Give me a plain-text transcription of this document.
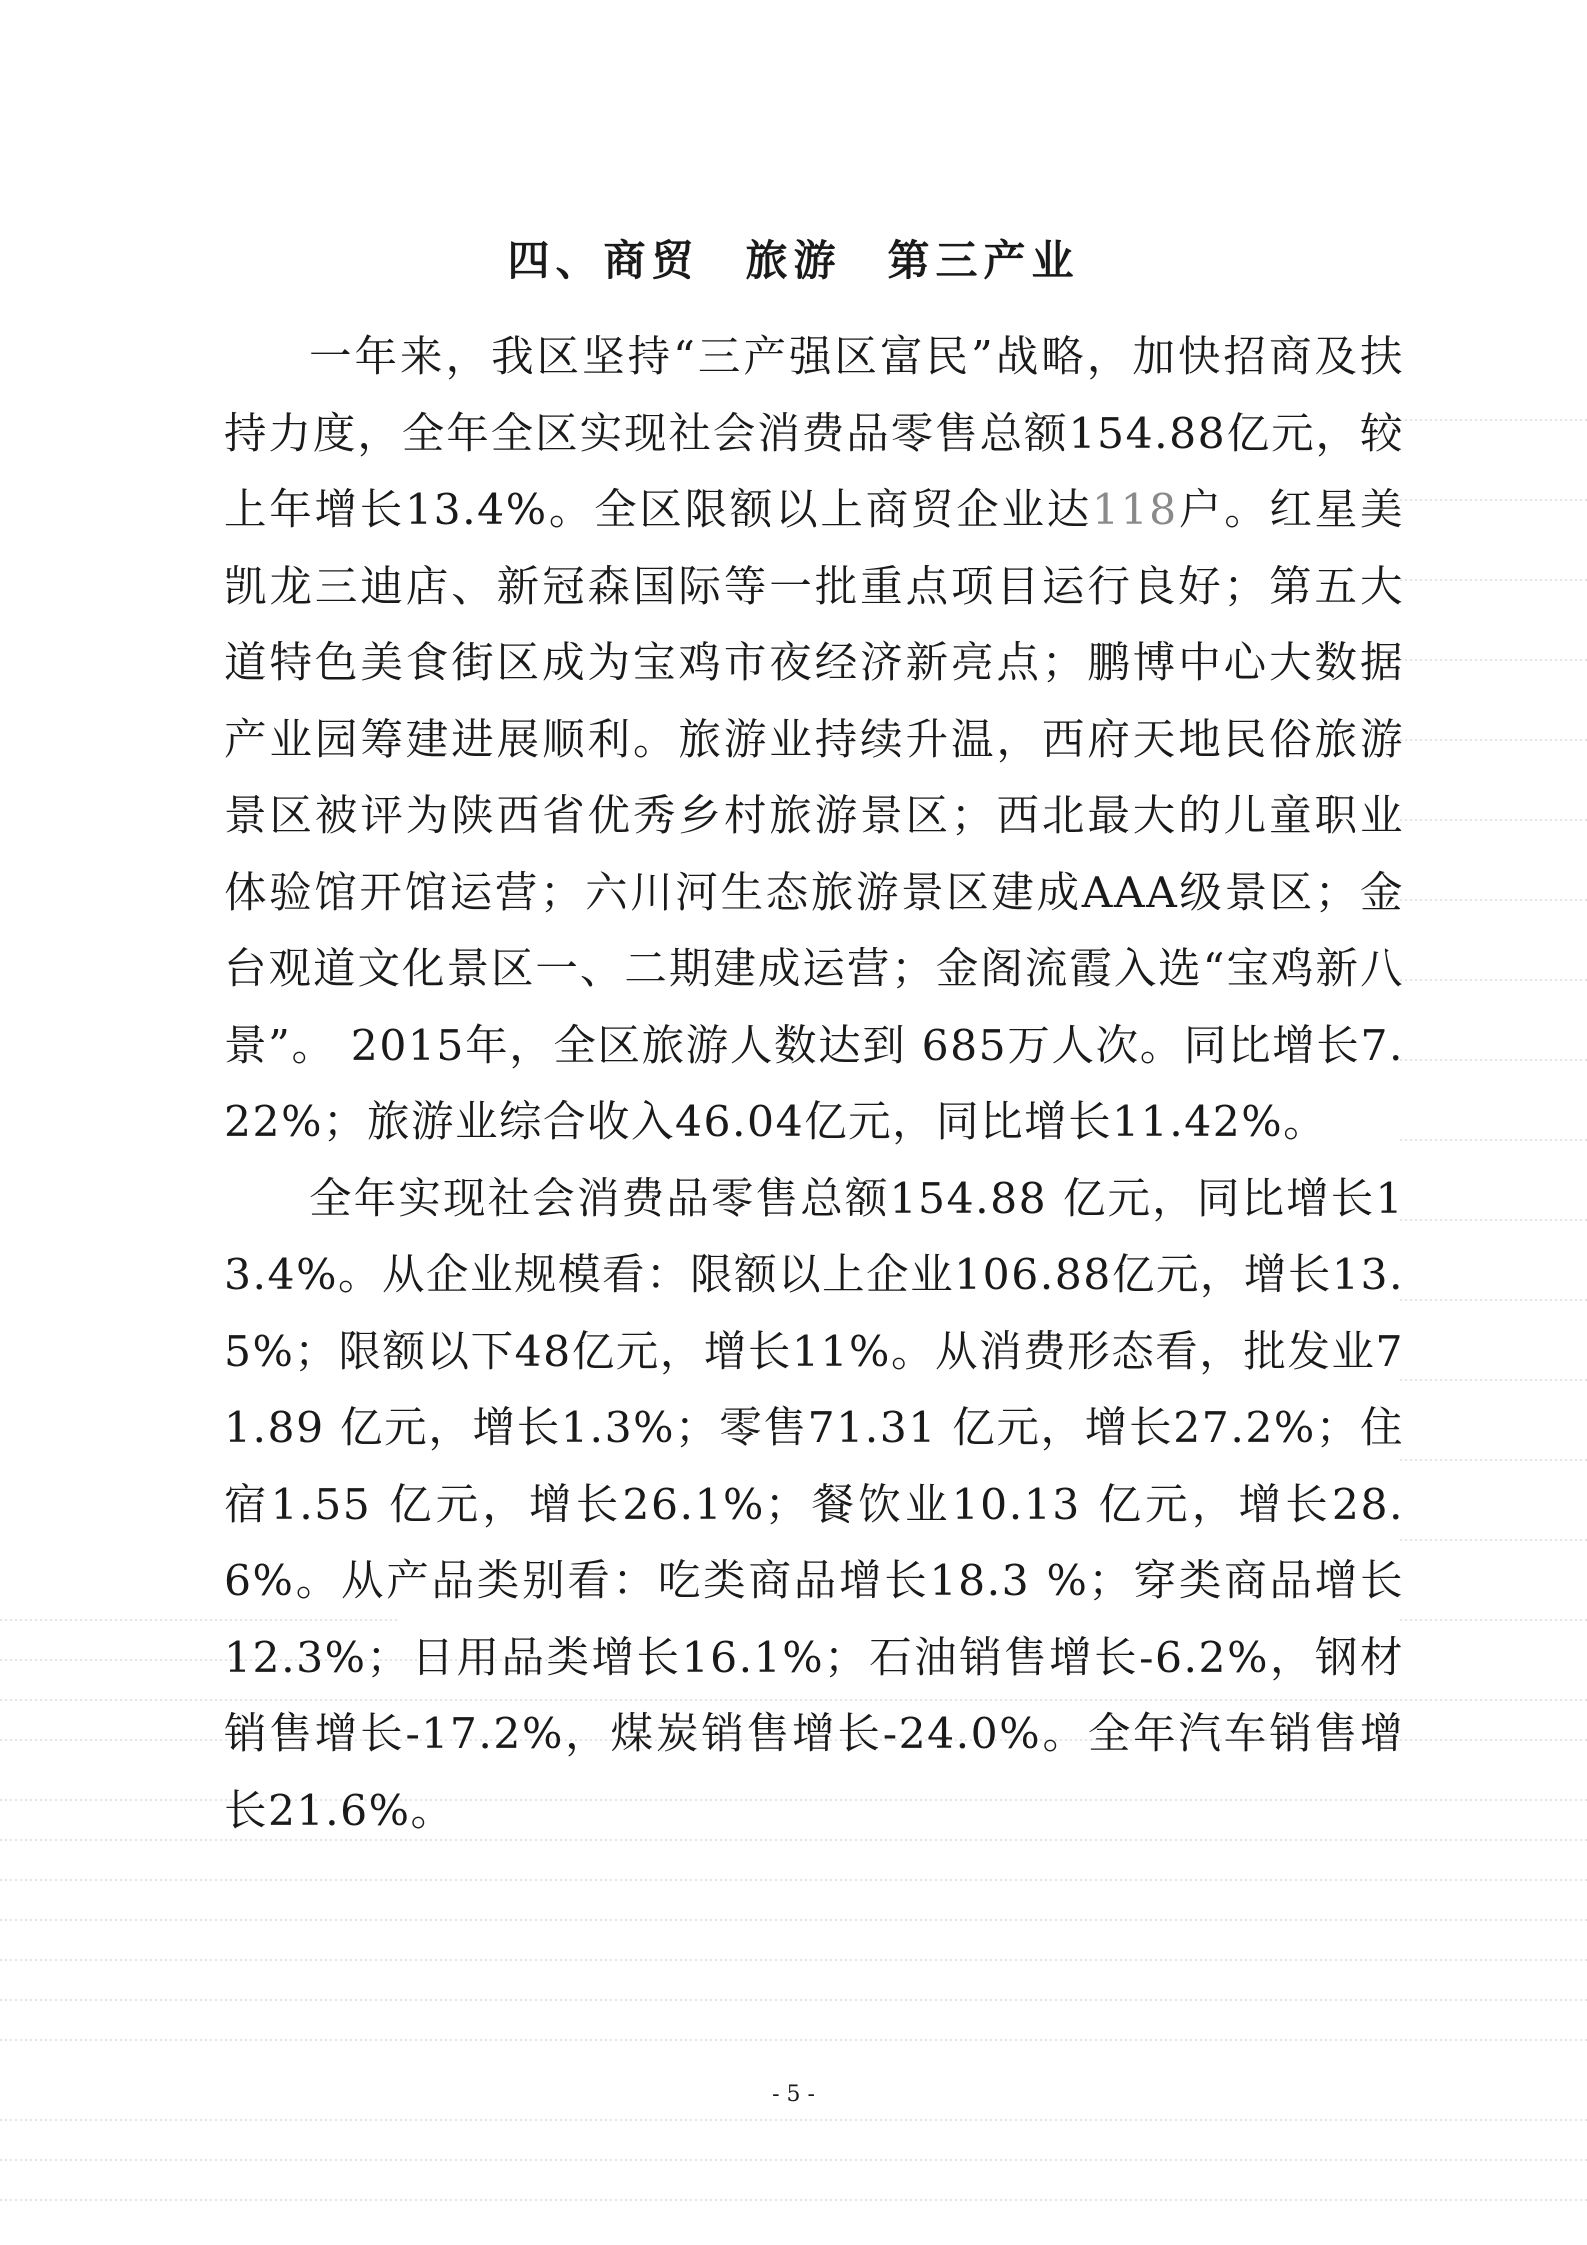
四、商贸 旅游 第三产业

一年来，我区坚持“三产强区富民”战略，加快招商及扶持力度，全年全区实现社会消费品零售总额154.88亿元，较上年增长13.4%。全区限额以上商贸企业达118户。红星美凯龙三迪店、新冠森国际等一批重点项目运行良好；第五大道特色美食街区成为宝鸡市夜经济新亮点；鹏博中心大数据产业园筹建进展顺利。旅游业持续升温，西府天地民俗旅游景区被评为陕西省优秀乡村旅游景区；西北最大的儿童职业体验馆开馆运营；六川河生态旅游景区建成AAA级景区；金台观道文化景区一、二期建成运营；金阁流霞入选“宝鸡新八景”。 2015年，全区旅游人数达到 685万人次。同比增长7.22%；旅游业综合收入46.04亿元，同比增长11.42%。

全年实现社会消费品零售总额154.88 亿元，同比增长13.4%。从企业规模看：限额以上企业106.88亿元，增长13.5%；限额以下48亿元，增长11%。从消费形态看，批发业71.89 亿元，增长1.3%；零售71.31 亿元，增长27.2%；住宿1.55 亿元，增长26.1%；餐饮业10.13 亿元，增长28.6%。从产品类别看：吃类商品增长18.3 %；穿类商品增长12.3%；日用品类增长16.1%；石油销售增长-6.2%，钢材销售增长-17.2%，煤炭销售增长-24.0%。全年汽车销售增长21.6%。

- 5 -
